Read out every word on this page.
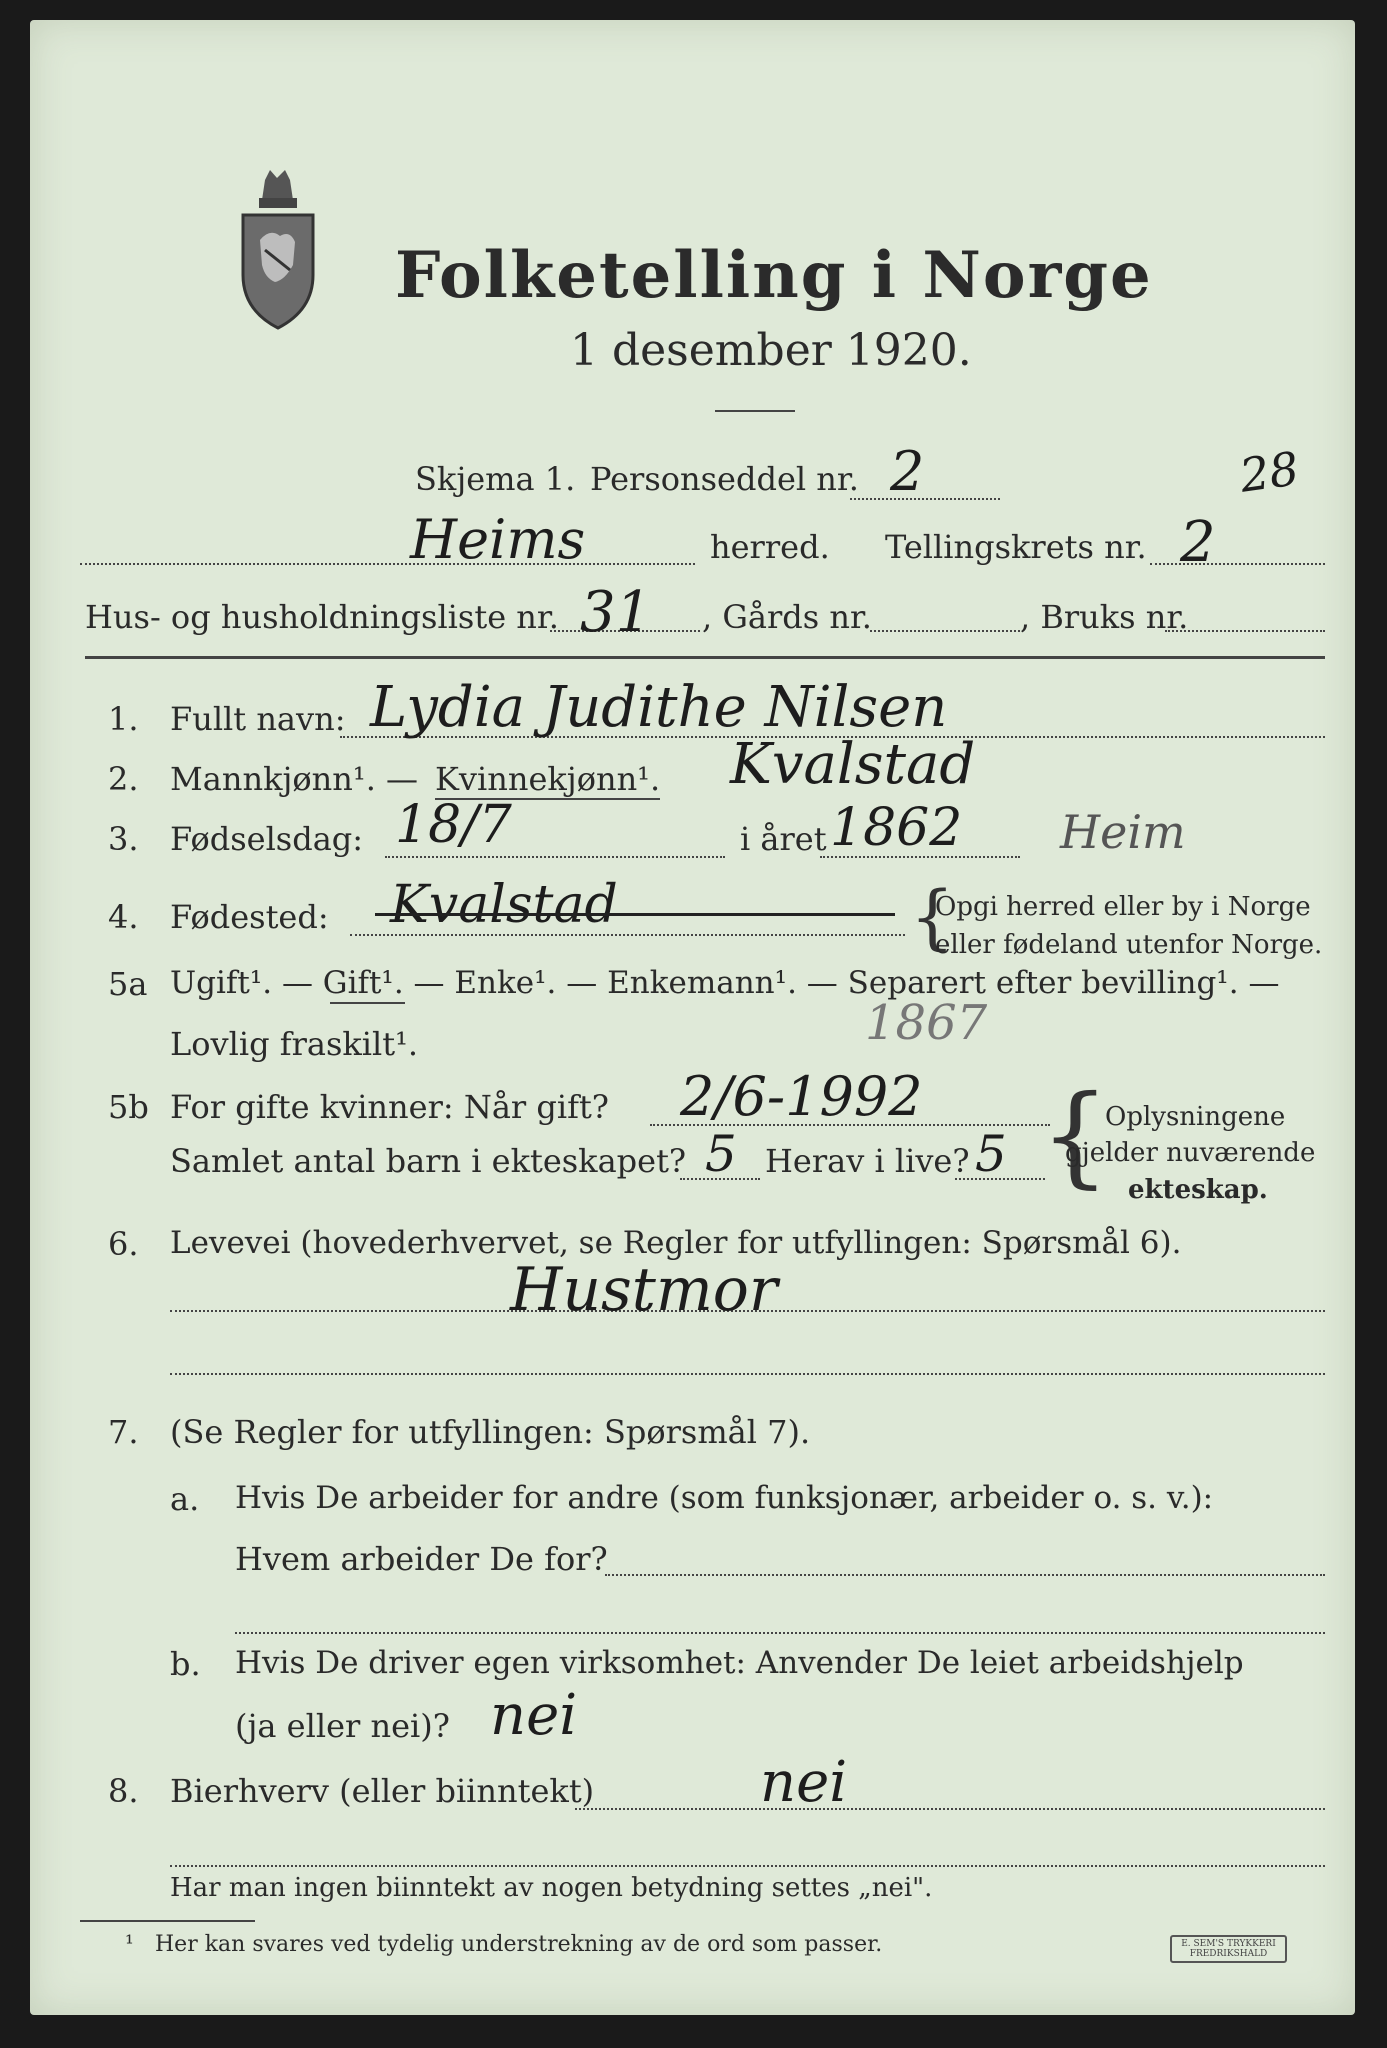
Folketelling i Norge
1 desember 1920.
Skjema 1. Personseddel nr. 2	28
Heims	herred. Tellingskrets nr. 2
Hus- og husholdningsliste nr. 31 , Gårds nr.	, Bruks nr.
1. Fullt navn: Lydia Judithe Nilsen
2. Mannkjønn¹. — Kvinnekjønn¹. Kvalstad
3. Fødselsdag: 18/7	i året 1862 Heim
4. Fødested: Kvalstad	{
Opgi herred eller by i Norge
eller fødeland utenfor Norge.
5a Ugift¹. — Gift¹. — Enke¹. — Enkemann¹. — Separert efter bevilling¹. —
Lovlig fraskilt¹.	1867
5b For gifte kvinner: Når gift? 2/6-1992
Samlet antal barn i ekteskapet? 5 Herav i live? 5 {
Oplysningene
gjelder nuværende
ekteskap.
6. Levevei (hovederhvervet, se Regler for utfyllingen: Spørsmål 6).
Hustmor
7. (Se Regler for utfyllingen: Spørsmål 7).
a. Hvis De arbeider for andre (som funksjonær, arbeider o. s. v.):
Hvem arbeider De for?
b. Hvis De driver egen virksomhet: Anvender De leiet arbeidshjelp
(ja eller nei)? nei
8. Bierhverv (eller biinntekt)	nei
Har man ingen biinntekt av nogen betydning settes „nei".
¹ Her kan svares ved tydelig understrekning av de ord som passer.	E. SEM'S TRYKKERI FREDRIKSHALD
